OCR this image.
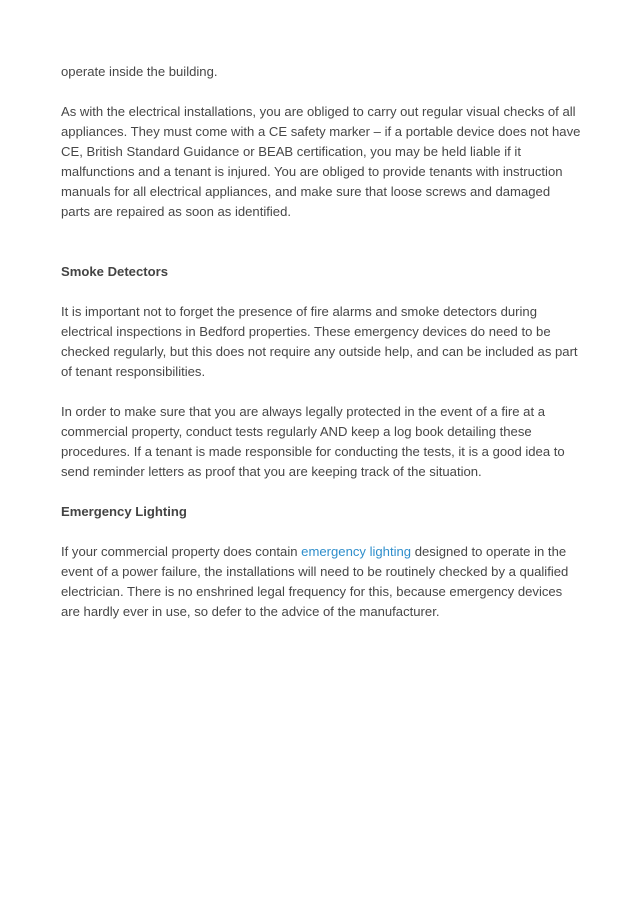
operate inside the building.

As with the electrical installations, you are obliged to carry out regular visual checks of all appliances. They must come with a CE safety marker – if a portable device does not have CE, British Standard Guidance or BEAB certification, you may be held liable if it malfunctions and a tenant is injured. You are obliged to provide tenants with instruction manuals for all electrical appliances, and make sure that loose screws and damaged parts are repaired as soon as identified.

Smoke Detectors

It is important not to forget the presence of fire alarms and smoke detectors during electrical inspections in Bedford properties. These emergency devices do need to be checked regularly, but this does not require any outside help, and can be included as part of tenant responsibilities.

In order to make sure that you are always legally protected in the event of a fire at a commercial property, conduct tests regularly AND keep a log book detailing these procedures. If a tenant is made responsible for conducting the tests, it is a good idea to send reminder letters as proof that you are keeping track of the situation.

Emergency Lighting

If your commercial property does contain emergency lighting designed to operate in the event of a power failure, the installations will need to be routinely checked by a qualified electrician. There is no enshrined legal frequency for this, because emergency devices are hardly ever in use, so defer to the advice of the manufacturer.
